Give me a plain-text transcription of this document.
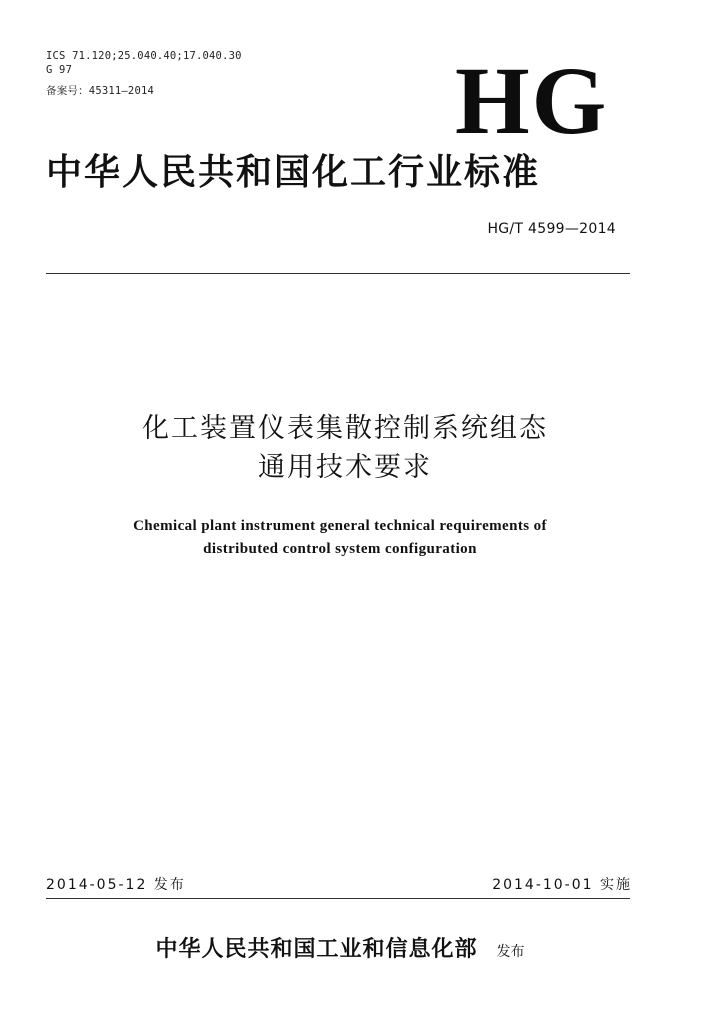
ICS 71.120;25.040.40;17.040.30
G 97
备案号：45311—2014	HG
中华人民共和国化工行业标准
HG/T 4599—2014
化工装置仪表集散控制系统组态
通用技术要求
Chemical plant instrument general technical requirements of
distributed control system configuration
2014-05-12 发布	2014-10-01 实施
中华人民共和国工业和信息化部 发布
